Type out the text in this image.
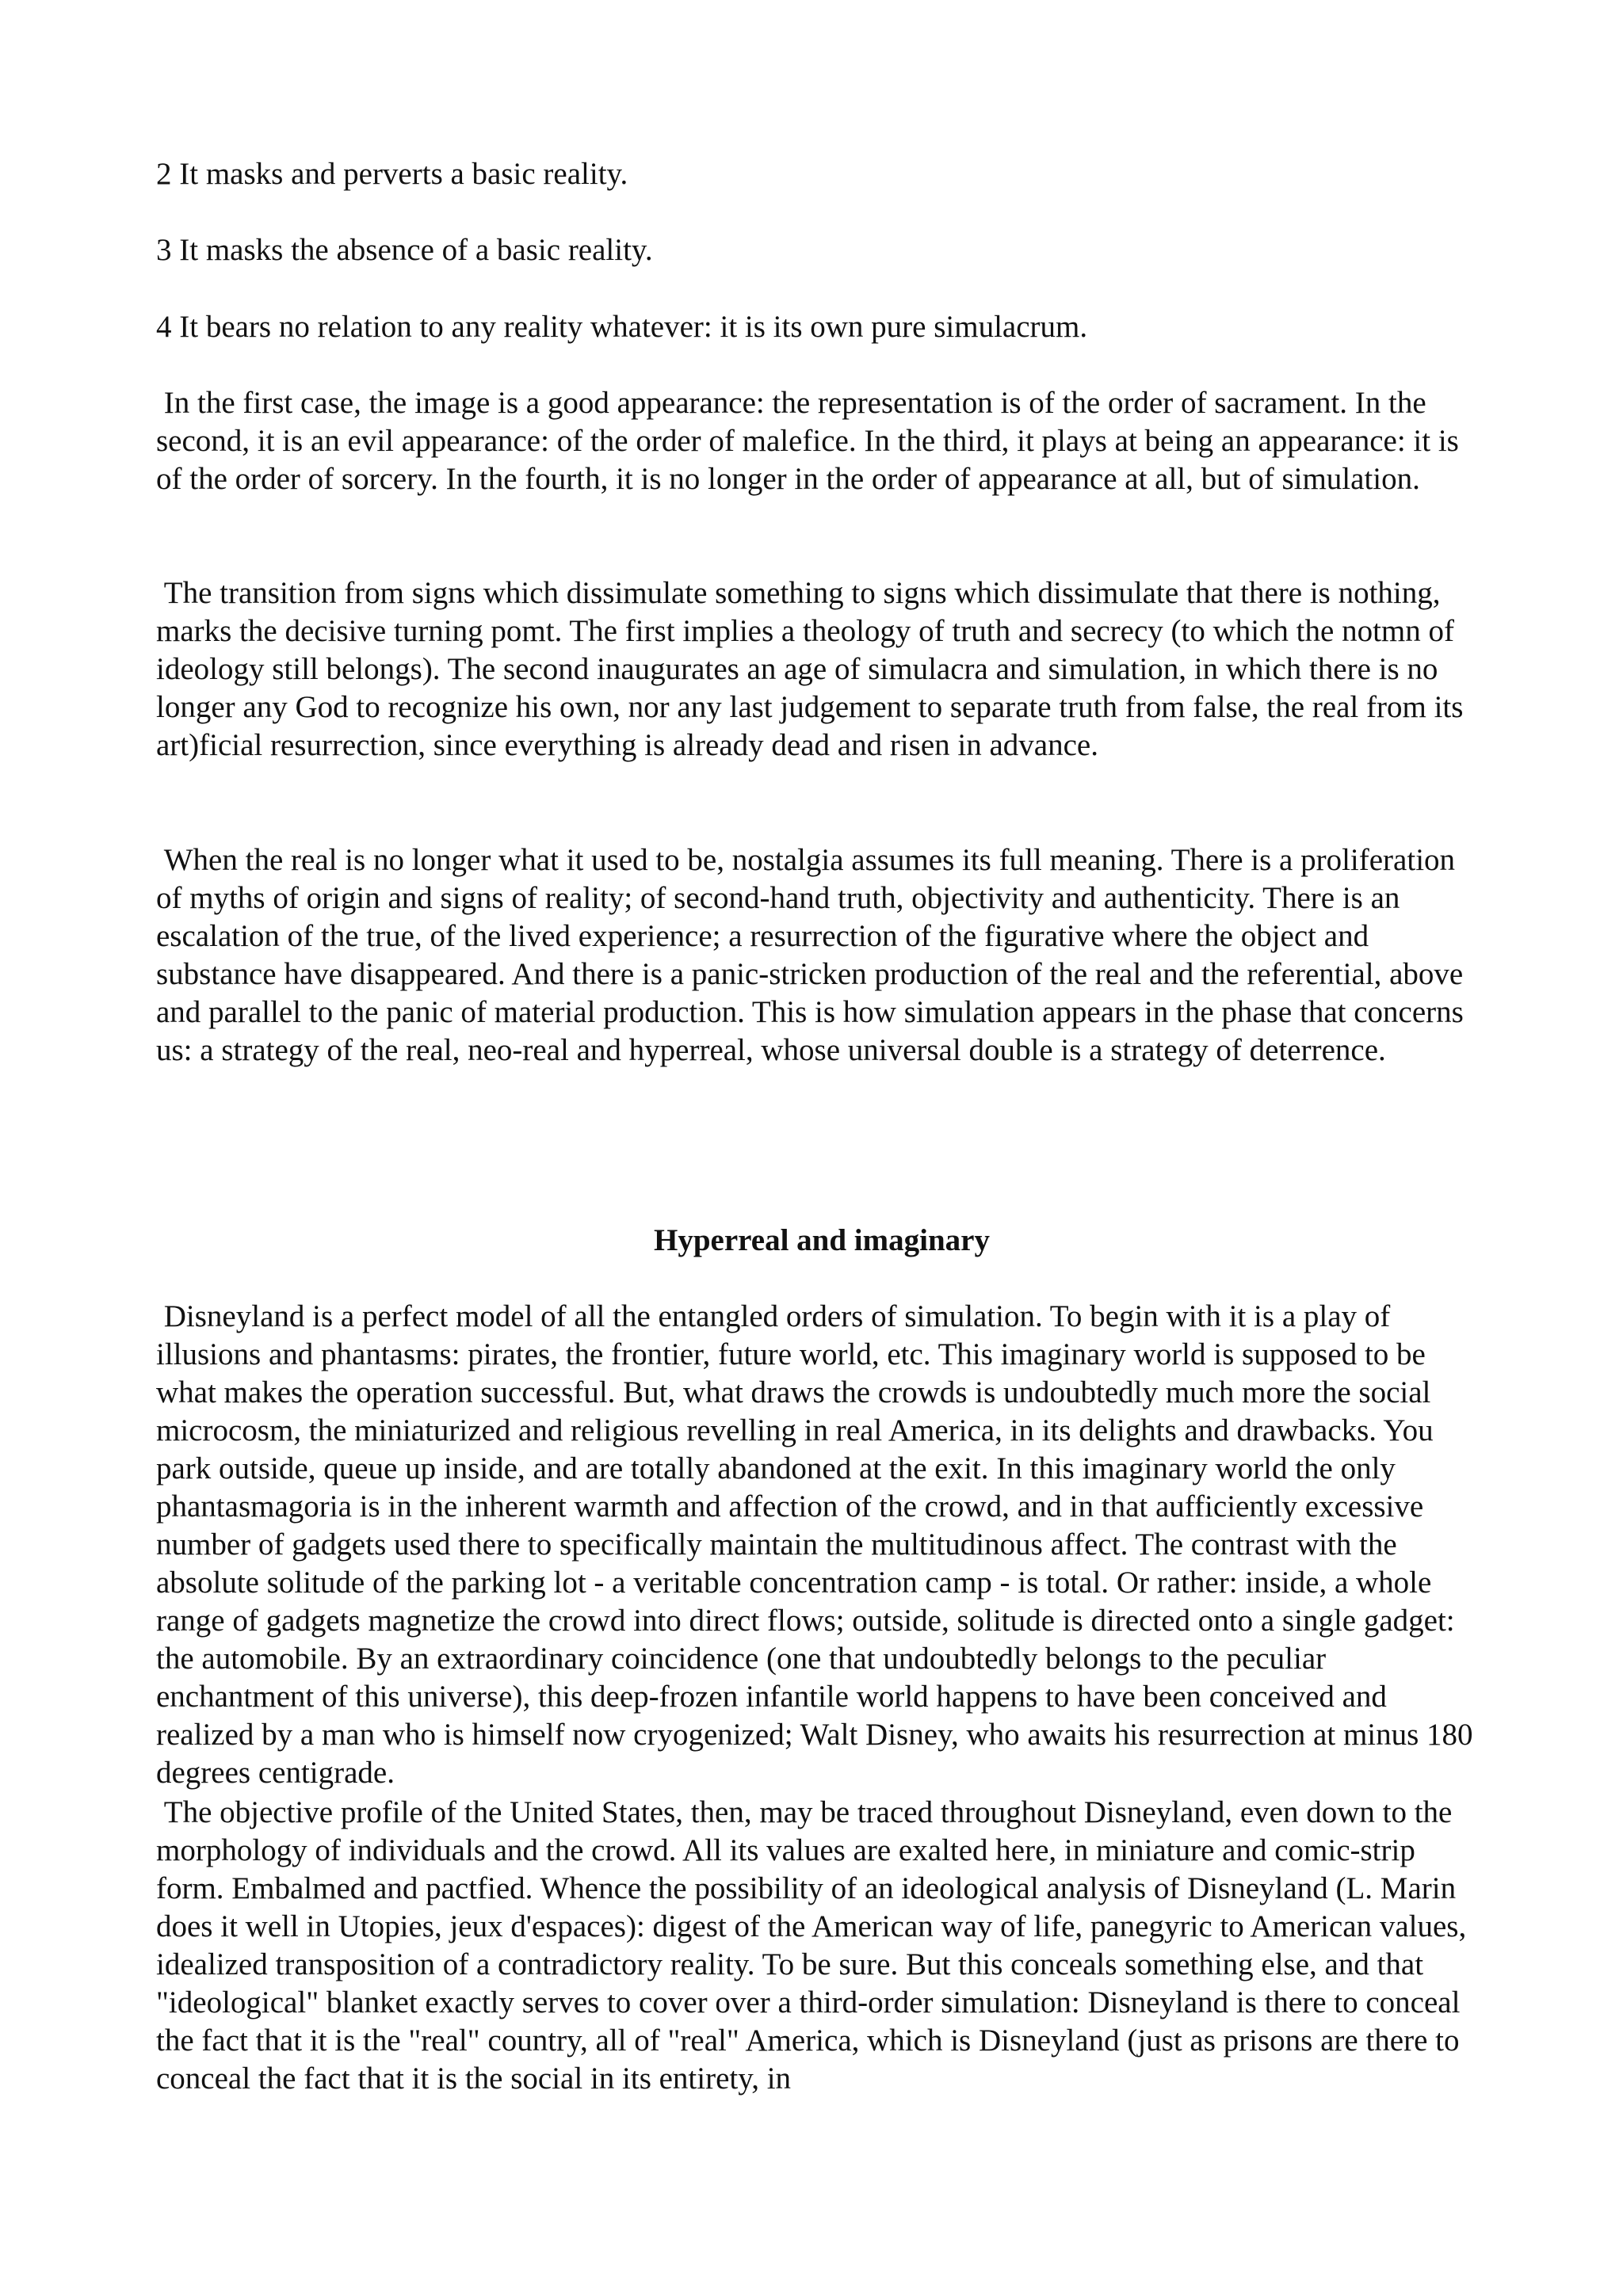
2 It masks and perverts a basic reality.

3 It masks the absence of a basic reality.

4 It bears no relation to any reality whatever: it is its own pure simulacrum.

In the first case, the image is a good appearance: the representation is of the order of sacrament. In the second, it is an evil appearance: of the order of malefice. In the third, it plays at being an appearance: it is of the order of sorcery. In the fourth, it is no longer in the order of appearance at all, but of simulation.

The transition from signs which dissimulate something to signs which dissimulate that there is nothing, marks the decisive turning pomt. The first implies a theology of truth and secrecy (to which the notmn of ideology still belongs). The second inaugurates an age of simulacra and simulation, in which there is no longer any God to recognize his own, nor any last judgement to separate truth from false, the real from its art)ficial resurrection, since everything is already dead and risen in advance.

When the real is no longer what it used to be, nostalgia assumes its full meaning. There is a proliferation of myths of origin and signs of reality; of second-hand truth, objectivity and authenticity. There is an escalation of the true, of the lived experience; a resurrection of the figurative where the object and substance have disappeared. And there is a panic-stricken production of the real and the referential, above and parallel to the panic of material production. This is how simulation appears in the phase that concerns us: a strategy of the real, neo-real and hyperreal, whose universal double is a strategy of deterrence.

Hyperreal and imaginary

Disneyland is a perfect model of all the entangled orders of simulation. To begin with it is a play of illusions and phantasms: pirates, the frontier, future world, etc. This imaginary world is supposed to be what makes the operation successful. But, what draws the crowds is undoubtedly much more the social microcosm, the miniaturized and religious revelling in real America, in its delights and drawbacks. You park outside, queue up inside, and are totally abandoned at the exit. In this imaginary world the only phantasmagoria is in the inherent warmth and affection of the crowd, and in that aufficiently excessive number of gadgets used there to specifically maintain the multitudinous affect. The contrast with the absolute solitude of the parking lot - a veritable concentration camp - is total. Or rather: inside, a whole range of gadgets magnetize the crowd into direct flows; outside, solitude is directed onto a single gadget: the automobile. By an extraordinary coincidence (one that undoubtedly belongs to the peculiar enchantment of this universe), this deep-frozen infantile world happens to have been conceived and realized by a man who is himself now cryogenized; Walt Disney, who awaits his resurrection at minus 180 degrees centigrade.

The objective profile of the United States, then, may be traced throughout Disneyland, even down to the morphology of individuals and the crowd. All its values are exalted here, in miniature and comic-strip form. Embalmed and pactfied. Whence the possibility of an ideological analysis of Disneyland (L. Marin does it well in Utopies, jeux d'espaces): digest of the American way of life, panegyric to American values, idealized transposition of a contradictory reality. To be sure. But this conceals something else, and that "ideological" blanket exactly serves to cover over a third-order simulation: Disneyland is there to conceal the fact that it is the "real" country, all of "real" America, which is Disneyland (just as prisons are there to conceal the fact that it is the social in its entirety, in
